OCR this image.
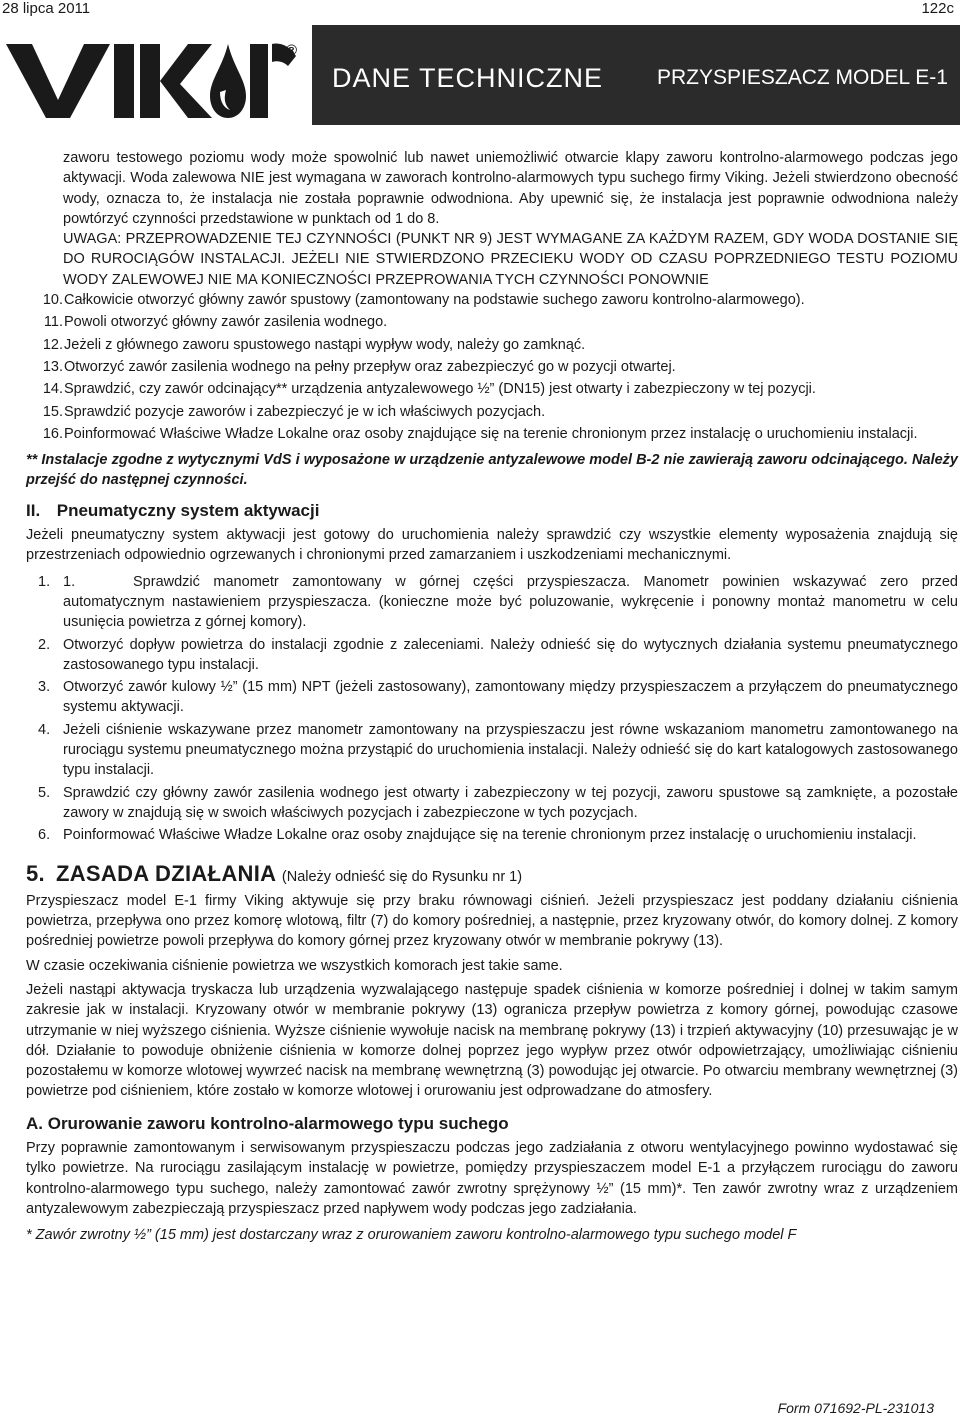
28 lipca 2011	122c
®
DANE TECHNICZNE	PRZYSPIESZACZ MODEL E-1

zaworu testowego poziomu wody może spowolnić lub nawet uniemożliwić otwarcie klapy zaworu kontrolno-alarmowego podczas jego aktywacji. Woda zalewowa NIE jest wymagana w zaworach kontrolno-alarmowych typu suchego firmy Viking. Jeżeli stwierdzono obecność wody, oznacza to, że instalacja nie została poprawnie odwodniona. Aby upewnić się, że instalacja jest poprawnie odwodniona należy powtórzyć czynności przedstawione w punktach od 1 do 8.

UWAGA: PRZEPROWADZENIE TEJ CZYNNOŚCI (PUNKT NR 9) JEST WYMAGANE ZA KAŻDYM RAZEM, GDY WODA DOSTANIE SIĘ DO RUROCIĄGÓW INSTALACJI. JEŻELI NIE STWIERDZONO PRZECIEKU WODY OD CZASU POPRZEDNIEGO TESTU POZIOMU WODY ZALEWOWEJ NIE MA KONIECZNOŚCI PRZEPROWANIA TYCH CZYNNOŚCI PONOWNIE

10. Całkowicie otworzyć główny zawór spustowy (zamontowany na podstawie suchego zaworu kontrolno-alarmowego).
11. Powoli otworzyć główny zawór zasilenia wodnego.
12. Jeżeli z głównego zaworu spustowego nastąpi wypływ wody, należy go zamknąć.
13. Otworzyć zawór zasilenia wodnego na pełny przepływ oraz zabezpieczyć go w pozycji otwartej.
14. Sprawdzić, czy zawór odcinający** urządzenia antyzalewowego ½” (DN15) jest otwarty i zabezpieczony w tej pozycji.
15. Sprawdzić pozycje zaworów i zabezpieczyć je w ich właściwych pozycjach.
16. Poinformować Właściwe Władze Lokalne oraz osoby znajdujące się na terenie chronionym przez instalację o uruchomieniu instalacji.

** Instalacje zgodne z wytycznymi VdS i wyposażone w urządzenie antyzalewowe model B-2 nie zawierają zaworu odcinającego. Należy przejść do następnej czynności.

II. Pneumatyczny system aktywacji

Jeżeli pneumatyczny system aktywacji jest gotowy do uruchomienia należy sprawdzić czy wszystkie elementy wyposażenia znajdują się przestrzeniach odpowiednio ogrzewanych i chronionymi przed zamarzaniem i uszkodzeniami mechanicznymi.

1. 1.	Sprawdzić manometr zamontowany w górnej części przyspieszacza. Manometr powinien wskazywać zero przed automatycznym nastawieniem przyspieszacza. (konieczne może być poluzowanie, wykręcenie i ponowny montaż manometru w celu usunięcia powietrza z górnej komory).
2. Otworzyć dopływ powietrza do instalacji zgodnie z zaleceniami. Należy odnieść się do wytycznych działania systemu pneumatycznego zastosowanego typu instalacji.
3. Otworzyć zawór kulowy ½” (15 mm) NPT (jeżeli zastosowany), zamontowany między przyspieszaczem a przyłączem do pneumatycznego systemu aktywacji.
4. Jeżeli ciśnienie wskazywane przez manometr zamontowany na przyspieszaczu jest równe wskazaniom manometru zamontowanego na rurociągu systemu pneumatycznego można przystąpić do uruchomienia instalacji. Należy odnieść się do kart katalogowych zastosowanego typu instalacji.
5. Sprawdzić czy główny zawór zasilenia wodnego jest otwarty i zabezpieczony w tej pozycji, zaworu spustowe są zamknięte, a pozostałe zawory w znajdują się w swoich właściwych pozycjach i zabezpieczone w tych pozycjach.
6. Poinformować Właściwe Władze Lokalne oraz osoby znajdujące się na terenie chronionym przez instalację o uruchomieniu instalacji.
5. ZASADA DZIAŁANIA (Należy odnieść się do Rysunku nr 1)

Przyspieszacz model E-1 firmy Viking aktywuje się przy braku równowagi ciśnień. Jeżeli przyspieszacz jest poddany działaniu ciśnienia powietrza, przepływa ono przez komorę wlotową, filtr (7) do komory pośredniej, a następnie, przez kryzowany otwór, do komory dolnej. Z komory pośredniej powietrze powoli przepływa do komory górnej przez kryzowany otwór w membranie pokrywy (13).

W czasie oczekiwania ciśnienie powietrza we wszystkich komorach jest takie same.

Jeżeli nastąpi aktywacja tryskacza lub urządzenia wyzwalającego następuje spadek ciśnienia w komorze pośredniej i dolnej w takim samym zakresie jak w instalacji. Kryzowany otwór w membranie pokrywy (13) ogranicza przepływ powietrza z komory górnej, powodując czasowe utrzymanie w niej wyższego ciśnienia. Wyższe ciśnienie wywołuje nacisk na membranę pokrywy (13) i trzpień aktywacyjny (10) przesuwając je w dół. Działanie to powoduje obniżenie ciśnienia w komorze dolnej poprzez jego wypływ przez otwór odpowietrzający, umożliwiając ciśnieniu pozostałemu w komorze wlotowej wywrzeć nacisk na membranę wewnętrzną (3) powodując jej otwarcie. Po otwarciu membrany wewnętrznej (3) powietrze pod ciśnieniem, które zostało w komorze wlotowej i orurowaniu jest odprowadzane do atmosfery.

A. Orurowanie zaworu kontrolno-alarmowego typu suchego

Przy poprawnie zamontowanym i serwisowanym przyspieszaczu podczas jego zadziałania z otworu wentylacyjnego powinno wydostawać się tylko powietrze. Na rurociągu zasilającym instalację w powietrze, pomiędzy przyspieszaczem model E-1 a przyłączem rurociągu do zaworu kontrolno-alarmowego typu suchego, należy zamontować zawór zwrotny sprężynowy ½” (15 mm)*. Ten zawór zwrotny wraz z urządzeniem antyzalewowym zabezpieczają przyspieszacz przed napływem wody podczas jego zadziałania.

* Zawór zwrotny ½” (15 mm) jest dostarczany wraz z orurowaniem zaworu kontrolno-alarmowego typu suchego model F

Form 071692-PL-231013
